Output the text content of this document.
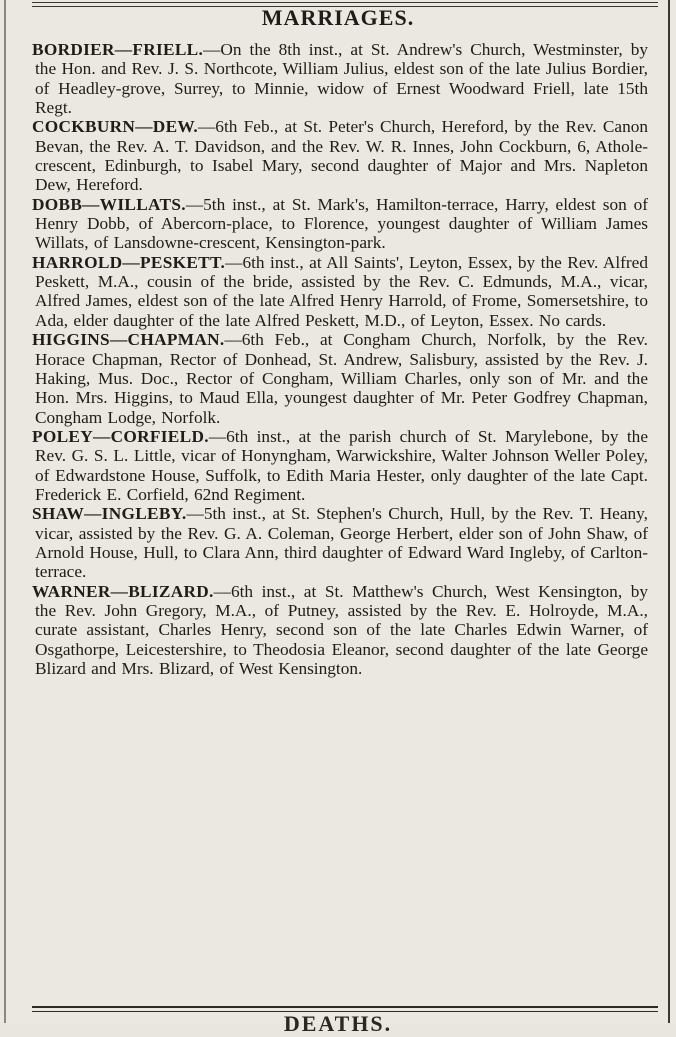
MARRIAGES.

BORDIER—FRIELL.—On the 8th inst., at St. Andrew's Church, Westminster, by the Hon. and Rev. J. S. Northcote, William Julius, eldest son of the late Julius Bordier, of Headley-grove, Surrey, to Minnie, widow of Ernest Woodward Friell, late 15th Regt.

COCKBURN—DEW.—6th Feb., at St. Peter's Church, Hereford, by the Rev. Canon Bevan, the Rev. A. T. Davidson, and the Rev. W. R. Innes, John Cockburn, 6, Athole-crescent, Edinburgh, to Isabel Mary, second daughter of Major and Mrs. Napleton Dew, Hereford.

DOBB—WILLATS.—5th inst., at St. Mark's, Hamilton-terrace, Harry, eldest son of Henry Dobb, of Abercorn-place, to Florence, youngest daughter of William James Willats, of Lansdowne-crescent, Kensington-park.

HARROLD—PESKETT.—6th inst., at All Saints', Leyton, Essex, by the Rev. Alfred Peskett, M.A., cousin of the bride, assisted by the Rev. C. Edmunds, M.A., vicar, Alfred James, eldest son of the late Alfred Henry Harrold, of Frome, Somersetshire, to Ada, elder daughter of the late Alfred Peskett, M.D., of Leyton, Essex. No cards.

HIGGINS—CHAPMAN.—6th Feb., at Congham Church, Norfolk, by the Rev. Horace Chapman, Rector of Donhead, St. Andrew, Salisbury, assisted by the Rev. J. Haking, Mus. Doc., Rector of Congham, William Charles, only son of Mr. and the Hon. Mrs. Higgins, to Maud Ella, youngest daughter of Mr. Peter Godfrey Chapman, Congham Lodge, Norfolk.

POLEY—CORFIELD.—6th inst., at the parish church of St. Marylebone, by the Rev. G. S. L. Little, vicar of Honyngham, Warwickshire, Walter Johnson Weller Poley, of Edwardstone House, Suffolk, to Edith Maria Hester, only daughter of the late Capt. Frederick E. Corfield, 62nd Regiment.

SHAW—INGLEBY.—5th inst., at St. Stephen's Church, Hull, by the Rev. T. Heany, vicar, assisted by the Rev. G. A. Coleman, George Herbert, elder son of John Shaw, of Arnold House, Hull, to Clara Ann, third daughter of Edward Ward Ingleby, of Carlton-terrace.

WARNER—BLIZARD.—6th inst., at St. Matthew's Church, West Kensington, by the Rev. John Gregory, M.A., of Putney, assisted by the Rev. E. Holroyde, M.A., curate assistant, Charles Henry, second son of the late Charles Edwin Warner, of Osgathorpe, Leicestershire, to Theodosia Eleanor, second daughter of the late George Blizard and Mrs. Blizard, of West Kensington.

DEATHS.
